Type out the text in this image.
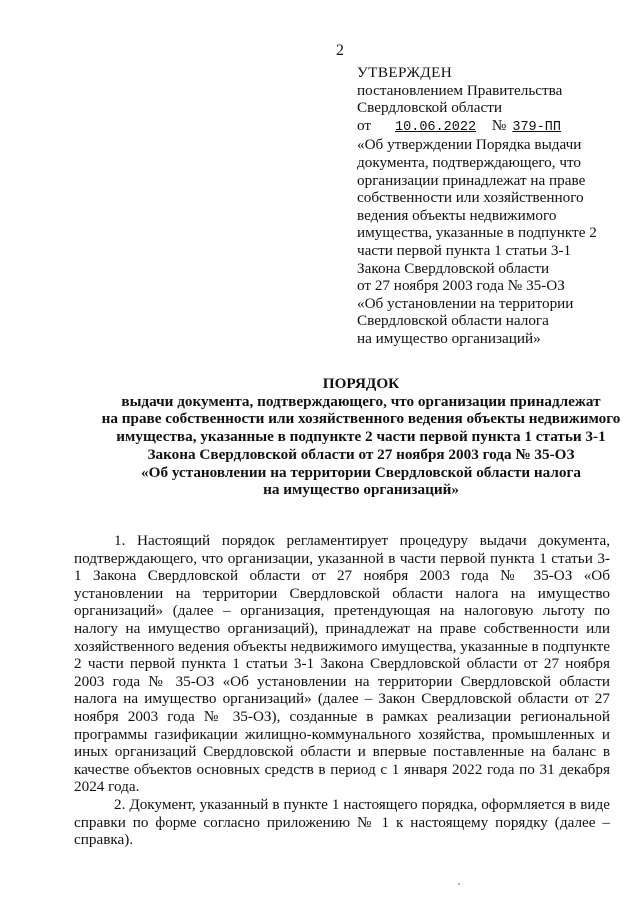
2
УТВЕРЖДЕН
постановлением Правительства
Свердловской области
от 10.06.2022 № 379-ПП
«Об утверждении Порядка выдачи
документа, подтверждающего, что
организации принадлежат на праве
собственности или хозяйственного
ведения объекты недвижимого
имущества, указанные в подпункте 2
части первой пункта 1 статьи 3-1
Закона Свердловской области
от 27 ноября 2003 года № 35-ОЗ
«Об установлении на территории
Свердловской области налога
на имущество организаций»
ПОРЯДОК
выдачи документа, подтверждающего, что организации принадлежат
на праве собственности или хозяйственного ведения объекты недвижимого
имущества, указанные в подпункте 2 части первой пункта 1 статьи 3-1
Закона Свердловской области от 27 ноября 2003 года № 35-ОЗ
«Об установлении на территории Свердловской области налога
на имущество организаций»

1. Настоящий порядок регламентирует процедуру выдачи документа, подтверждающего, что организации, указанной в части первой пункта 1 статьи 3-1 Закона Свердловской области от 27 ноября 2003 года № 35-ОЗ «Об установлении на территории Свердловской области налога на имущество организаций» (далее – организация, претендующая на налоговую льготу по налогу на имущество организаций), принадлежат на праве собственности или хозяйственного ведения объекты недвижимого имущества, указанные в подпункте 2 части первой пункта 1 статьи 3-1 Закона Свердловской области от 27 ноября 2003 года № 35-ОЗ «Об установлении на территории Свердловской области налога на имущество организаций» (далее – Закон Свердловской области от 27 ноября 2003 года № 35-ОЗ), созданные в рамках реализации региональной программы газификации жилищно-коммунального хозяйства, промышленных и иных организаций Свердловской области и впервые поставленные на баланс в качестве объектов основных средств в период с 1 января 2022 года по 31 декабря 2024 года.

2. Документ, указанный в пункте 1 настоящего порядка, оформляется в виде справки по форме согласно приложению № 1 к настоящему порядку (далее – справка).
